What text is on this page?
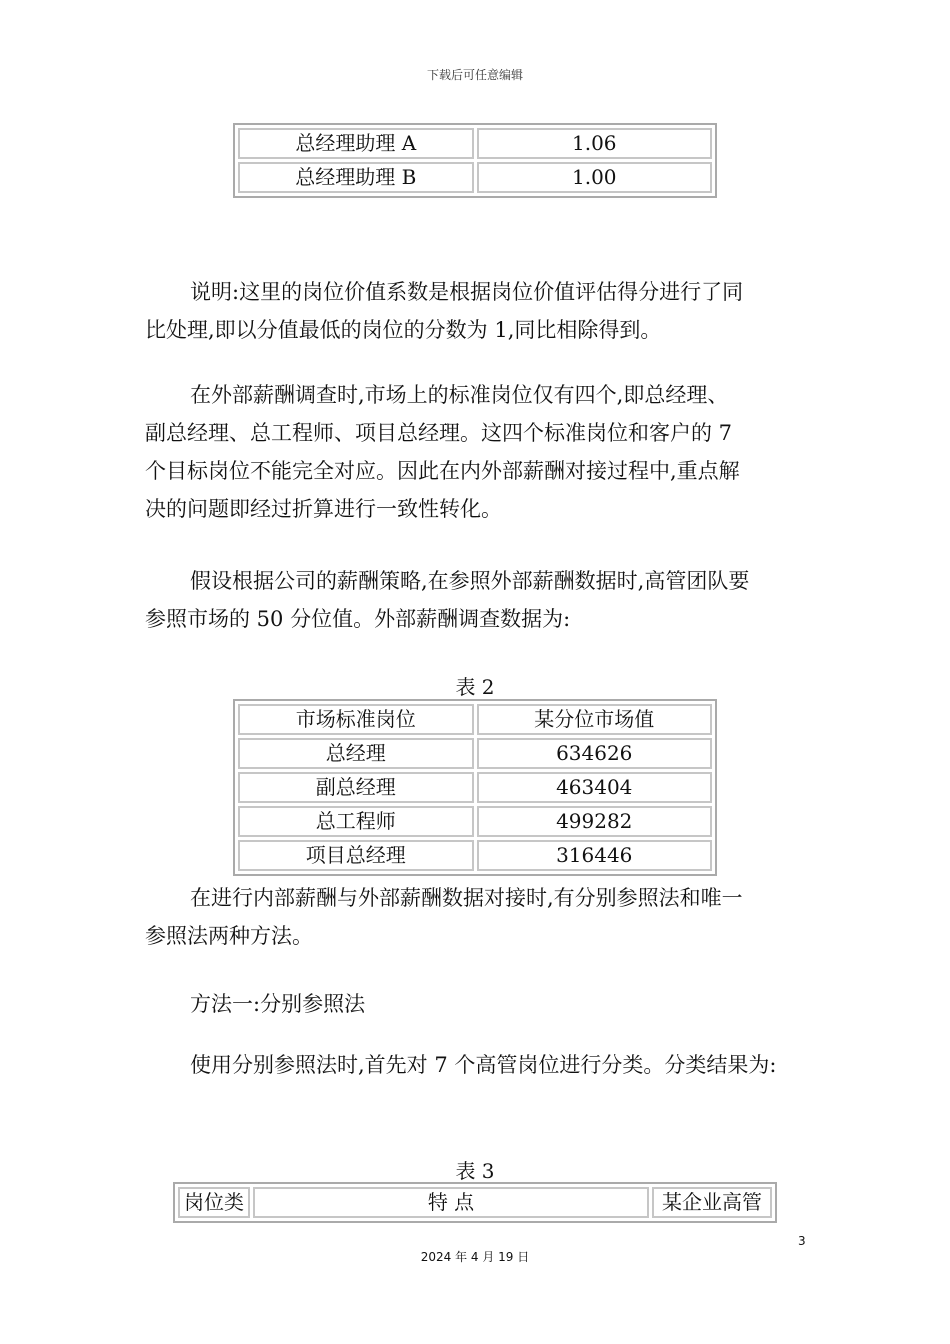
下载后可任意编辑
总经理助理 A	1.06
总经理助理 B	1.00
说明:这里的岗位价值系数是根据岗位价值评估得分进行了同
比处理,即以分值最低的岗位的分数为 1,同比相除得到。
在外部薪酬调查时,市场上的标准岗位仅有四个,即总经理、
副总经理、总工程师、项目总经理。这四个标准岗位和客户的 7
个目标岗位不能完全对应。因此在内外部薪酬对接过程中,重点解
决的问题即经过折算进行一致性转化。
假设根据公司的薪酬策略,在参照外部薪酬数据时,高管团队要
参照市场的 50 分位值。外部薪酬调查数据为:
表 2
市场标准岗位	某分位市场值
总经理	634626
副总经理	463404
总工程师	499282
项目总经理	316446
在进行内部薪酬与外部薪酬数据对接时,有分别参照法和唯一
参照法两种方法。
方法一:分别参照法
使用分别参照法时,首先对 7 个高管岗位进行分类。分类结果为:
表 3
岗位类	特 点	某企业高管
3
2024 年 4 月 19 日
